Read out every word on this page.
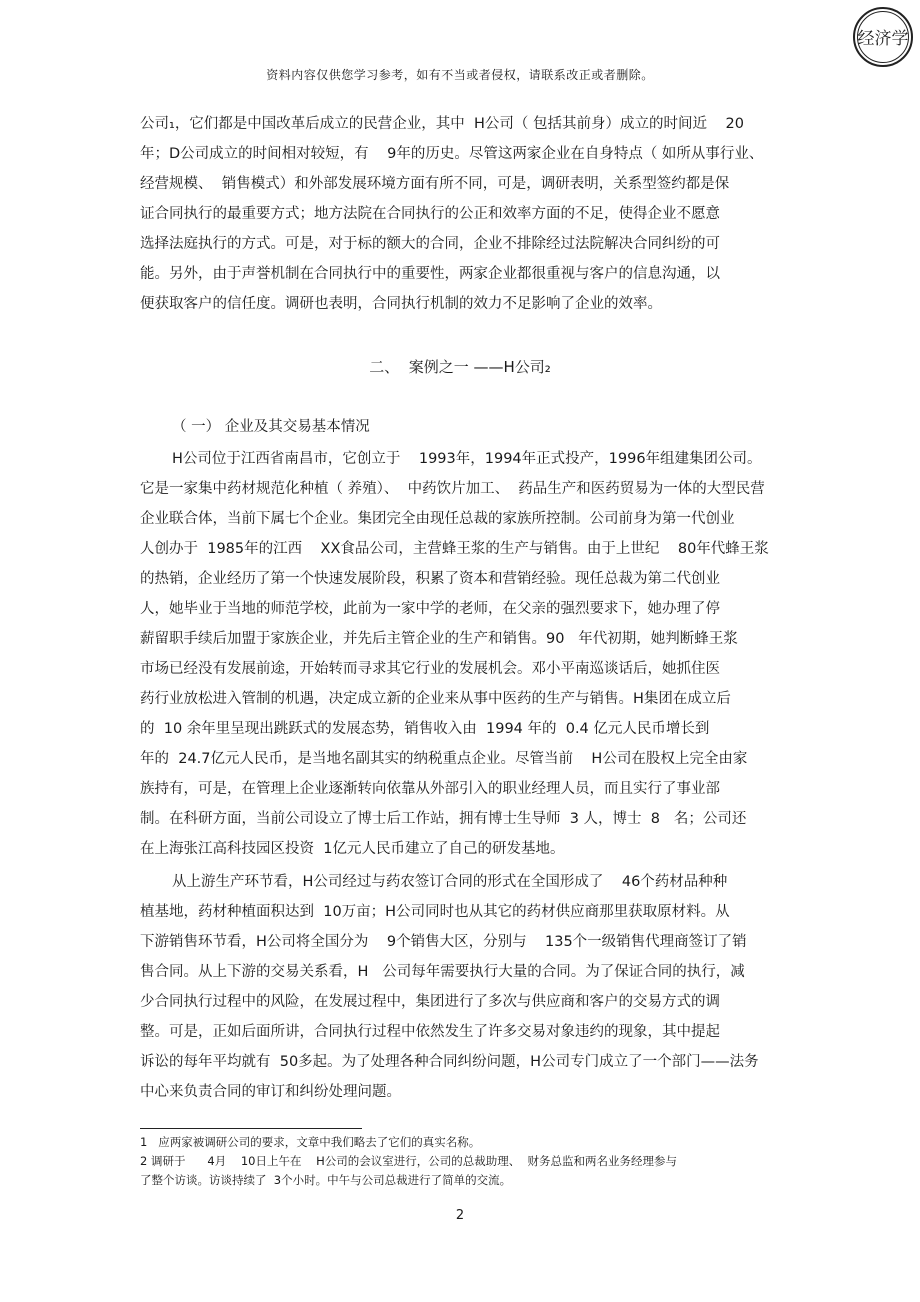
经济学
资料内容仅供您学习参考，如有不当或者侵权，请联系改正或者删除。
公司₁，它们都是中国改革后成立的民营企业，其中  H公司（ 包括其前身）成立的时间近    20
年；D公司成立的时间相对较短，有    9年的历史。尽管这两家企业在自身特点（ 如所从事行业、
经营规模、  销售模式）和外部发展环境方面有所不同，可是，调研表明，关系型签约都是保
证合同执行的最重要方式；地方法院在合同执行的公正和效率方面的不足，使得企业不愿意
选择法庭执行的方式。可是，对于标的额大的合同，企业不排除经过法院解决合同纠纷的可
能。另外，由于声誉机制在合同执行中的重要性，两家企业都很重视与客户的信息沟通，以
便获取客户的信任度。调研也表明，合同执行机制的效力不足影响了企业的效率。
二、  案例之一 ——H公司₂
（ 一） 企业及其交易基本情况
H公司位于江西省南昌市，它创立于    1993年，1994年正式投产，1996年组建集团公司。
它是一家集中药材规范化种植（ 养殖）、  中药饮片加工、  药品生产和医药贸易为一体的大型民营
企业联合体，当前下属七个企业。集团完全由现任总裁的家族所控制。公司前身为第一代创业
人创办于  1985年的江西    XX食品公司，主营蜂王浆的生产与销售。由于上世纪    80年代蜂王浆
的热销，企业经历了第一个快速发展阶段，积累了资本和营销经验。现任总裁为第二代创业
人，她毕业于当地的师范学校，此前为一家中学的老师，在父亲的强烈要求下，她办理了停
薪留职手续后加盟于家族企业，并先后主管企业的生产和销售。90   年代初期，她判断蜂王浆
市场已经没有发展前途，开始转而寻求其它行业的发展机会。邓小平南巡谈话后，她抓住医
药行业放松进入管制的机遇，决定成立新的企业来从事中医药的生产与销售。H集团在成立后
的  10 余年里呈现出跳跃式的发展态势，销售收入由  1994 年的  0.4 亿元人民币增长到
年的  24.7亿元人民币，是当地名副其实的纳税重点企业。尽管当前    H公司在股权上完全由家
族持有，可是，在管理上企业逐渐转向依靠从外部引入的职业经理人员，而且实行了事业部
制。在科研方面，当前公司设立了博士后工作站，拥有博士生导师  3 人，博士  8   名；公司还
在上海张江高科技园区投资  1亿元人民币建立了自己的研发基地。
从上游生产环节看，H公司经过与药农签订合同的形式在全国形成了    46个药材品种种
植基地，药材种植面积达到  10万亩；H公司同时也从其它的药材供应商那里获取原材料。从
下游销售环节看，H公司将全国分为    9个销售大区，分别与    135个一级销售代理商签订了销
售合同。从上下游的交易关系看，H   公司每年需要执行大量的合同。为了保证合同的执行，减
少合同执行过程中的风险，在发展过程中，集团进行了多次与供应商和客户的交易方式的调
整。可是，正如后面所讲，合同执行过程中依然发生了许多交易对象违约的现象，其中提起
诉讼的每年平均就有  50多起。为了处理各种合同纠纷问题，H公司专门成立了一个部门——法务
中心来负责合同的审订和纠纷处理问题。
1   应两家被调研公司的要求，文章中我们略去了它们的真实名称。
2 调研于      4月    10日上午在    H公司的会议室进行，公司的总裁助理、  财务总监和两名业务经理参与
了整个访谈。访谈持续了  3个小时。中午与公司总裁进行了简单的交流。
2
